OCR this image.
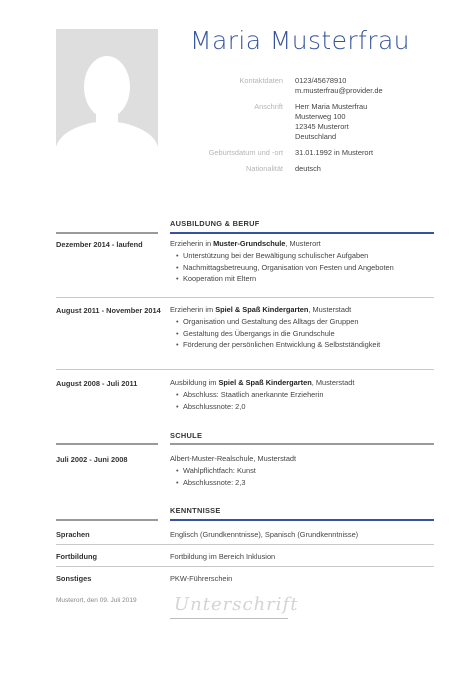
Maria Musterfrau
Kontaktdaten	0123/45678910
m.musterfrau@provider.de
Anschrift	Herr Maria Musterfrau
Musterweg 100
12345 Musterort
Deutschland
Geburtsdatum und -ort	31.01.1992 in Musterort
Nationalität	deutsch
AUSBILDUNG & BERUF
Dezember 2014 - laufend	Erzieherin in Muster-Grundschule, Musterort
• Unterstützung bei der Bewältigung schulischer Aufgaben
• Nachmittagsbetreuung, Organisation von Festen und Angeboten
• Kooperation mit Eltern
August 2011 - November 2014	Erzieherin im Spiel & Spaß Kindergarten, Musterstadt
• Organisation und Gestaltung des Alltags der Gruppen
• Gestaltung des Übergangs in die Grundschule
• Förderung der persönlichen Entwicklung & Selbstständigkeit
August 2008 - Juli 2011	Ausbildung im Spiel & Spaß Kindergarten, Musterstadt
• Abschluss: Staatlich anerkannte Erzieherin
• Abschlussnote: 2,0
SCHULE
Juli 2002 - Juni 2008	Albert-Muster-Realschule, Musterstadt
• Wahlpflichtfach: Kunst
• Abschlussnote: 2,3
KENNTNISSE
Sprachen	Englisch (Grundkenntnisse), Spanisch (Grundkenntnisse)
Fortbildung	Fortbildung im Bereich Inklusion
Sonstiges	PKW-Führerschein
Musterort, den 09. Juli 2019 Unterschrift
